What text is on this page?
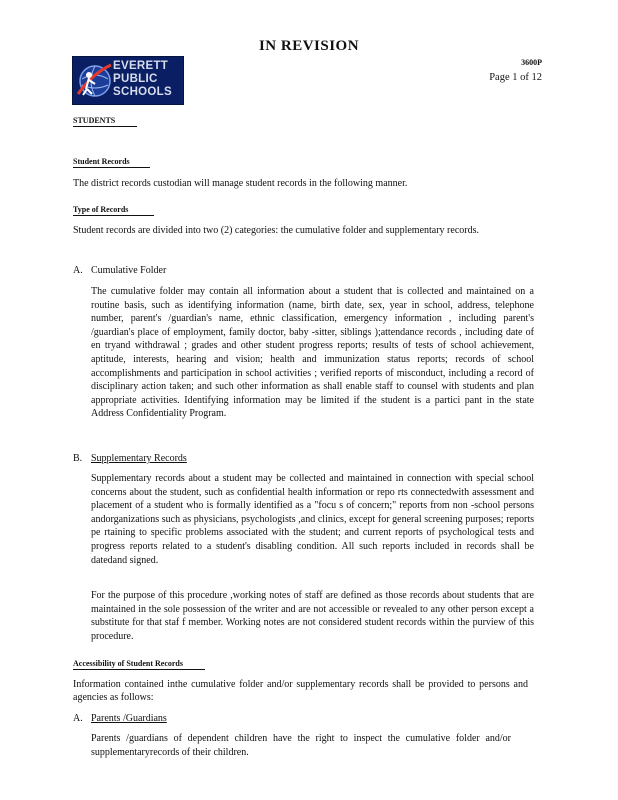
IN REVISION
EVERETT
PUBLIC
SCHOOLS
3600P
Page 1 of 12
STUDENTS
Student Records
The district records custodian will manage student records in the following manner.
Type of Records
Student records are divided into two (2) categories: the cumulative folder and supplementary records.
A. Cumulative Folder
The cumulative folder may contain all information about a student that is collected and maintained on a routine basis, such as identifying information (name, birth date, sex, year in school, address, telephone number, parent's /guardian's name, ethnic classification, emergency information , including parent's /guardian's place of employment, family doctor, baby -sitter, siblings );attendance records , including date of en tryand withdrawal ; grades and other student progress reports; results of tests of school achievement, aptitude, interests, hearing and vision; health and immunization status reports; records of school accomplishments and participation in school activities ; verified reports of misconduct, including a record of disciplinary action taken; and such other information as shall enable staff to counsel with students and plan appropriate activities. Identifying information may be limited if the student is a partici pant in the state Address Confidentiality Program.
B. Supplementary Records
Supplementary records about a student may be collected and maintained in connection with special school concerns about the student, such as confidential health information or repo rts connectedwith assessment and placement of a student who is formally identified as a "focu s of concern;" reports from non -school persons andorganizations such as physicians, psychologists ,and clinics, except for general screening purposes; reports pe rtaining to specific problems associated with the student; and current reports of psychological tests and progress reports related to a student's disabling condition. All such reports included in records shall be datedand signed.
For the purpose of this procedure ,working notes of staff are defined as those records about students that are maintained in the sole possession of the writer and are not accessible or revealed to any other person except a substitute for that staf f member. Working notes are not considered student records within the purview of this procedure.
Accessibility of Student Records
Information contained inthe cumulative folder and/or supplementary records shall be provided to persons and agencies as follows:
A. Parents /Guardians
Parents /guardians of dependent children have the right to inspect the cumulative folder and/or supplementaryrecords of their children.
